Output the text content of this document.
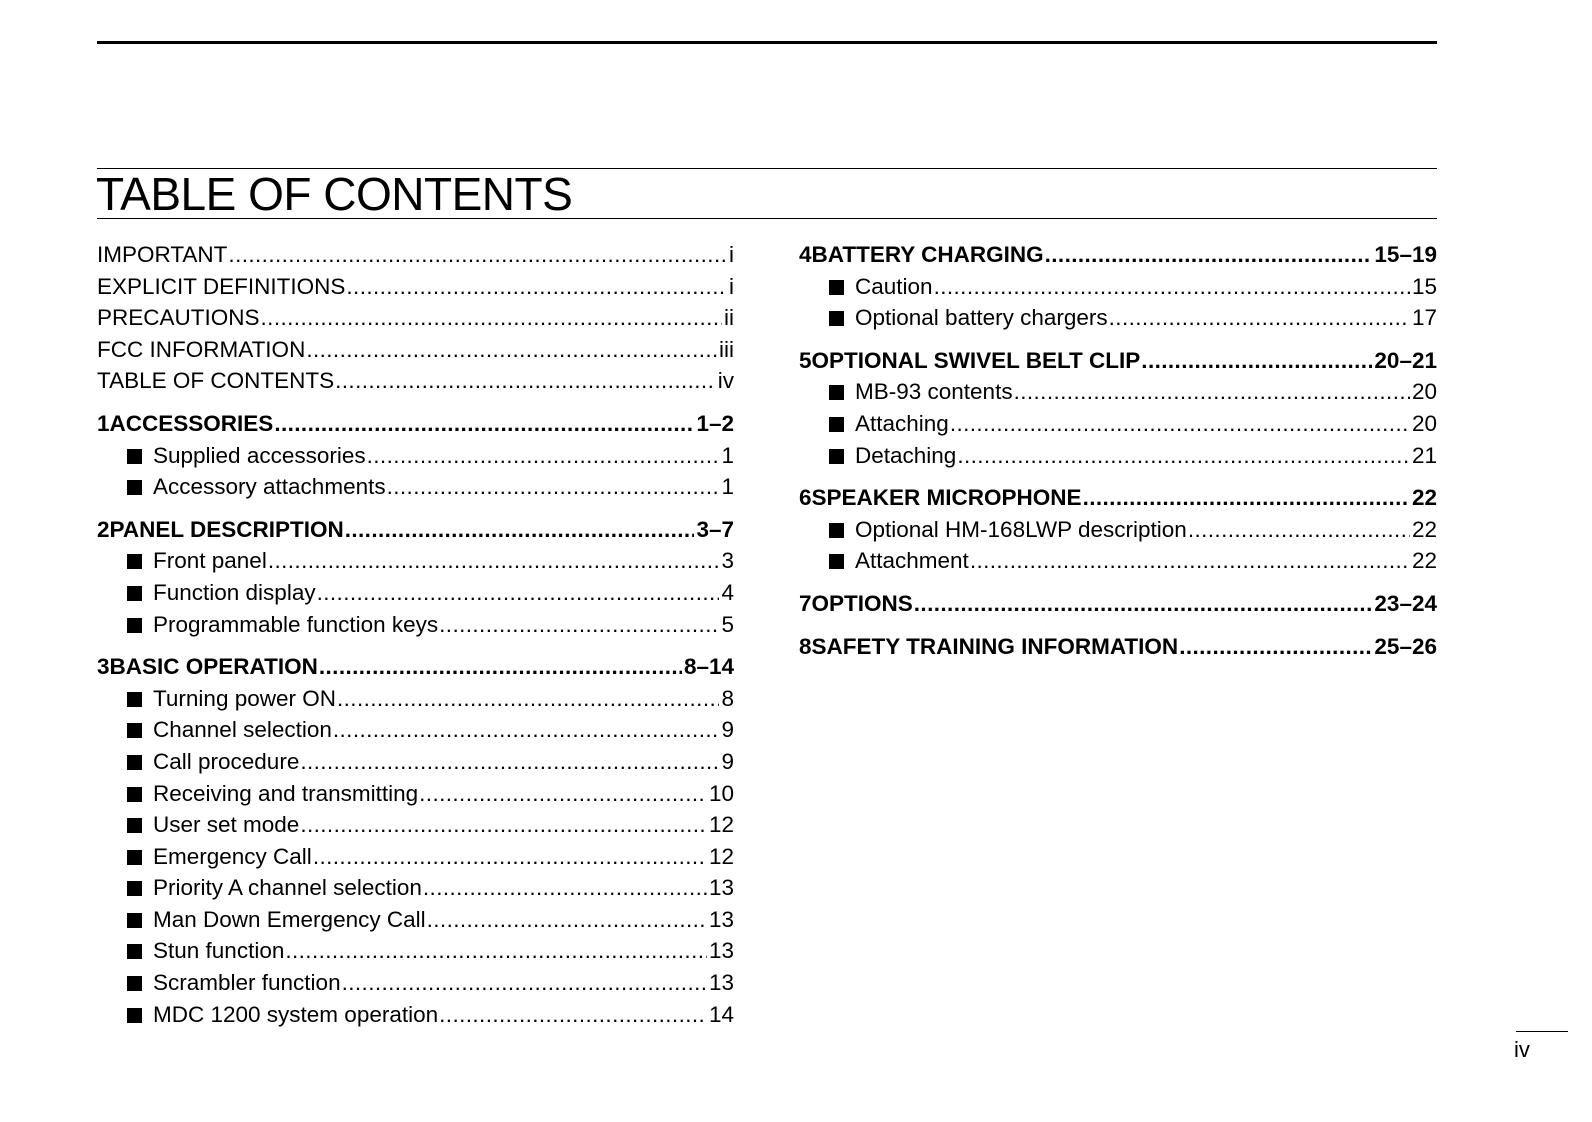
TABLE OF CONTENTS
IMPORTANT .....	i
EXPLICIT DEFINITIONS .....	i
PRECAUTIONS .....	ii
FCC INFORMATION .....	iii
TABLE OF CONTENTS .....	iv
1 ACCESSORIES .....	1–2
Supplied accessories .....	1
Accessory attachments .....	1
2 PANEL DESCRIPTION .....	3–7
Front panel .....	3
Function display .....	4
Programmable function keys .....	5
3 BASIC OPERATION .....	8–14
Turning power ON .....	8
Channel selection .....	9
Call procedure .....	9
Receiving and transmitting .....	10
User set mode .....	12
Emergency Call .....	12
Priority A channel selection .....	13
Man Down Emergency Call .....	13
Stun function .....	13
Scrambler function .....	13
MDC 1200 system operation .....	14
4 BATTERY CHARGING .....	15–19
Caution .....	15
Optional battery chargers .....	17
5 OPTIONAL SWIVEL BELT CLIP .....	20–21
MB-93 contents .....	20
Attaching .....	20
Detaching .....	21
6 SPEAKER MICROPHONE .....	22
Optional HM-168LWP description .....	22
Attachment .....	22
7 OPTIONS .....	23–24
8 SAFETY TRAINING INFORMATION .....	25–26
iv
